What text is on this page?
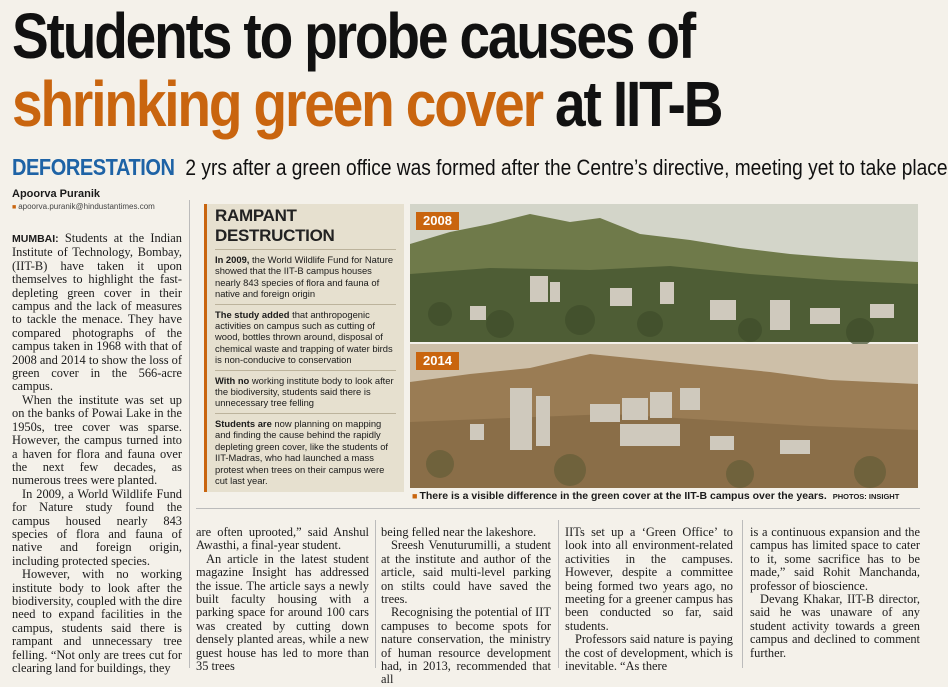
Students to probe causes of
shrinking green cover at IIT-B
DEFORESTATION 2 yrs after a green office was formed after the Centre’s directive, meeting yet to take place
Apoorva Puranik
■ apoorva.puranik@hindustantimes.com

MUMBAI: Students at the Indian Institute of Technology, Bombay, (IIT-B) have taken it upon themselves to highlight the fast-depleting green cover in their campus and the lack of measures to tackle the menace. They have compared photographs of the campus taken in 1968 with that of 2008 and 2014 to show the loss of green cover in the 566-acre campus.

When the institute was set up on the banks of Powai Lake in the 1950s, tree cover was sparse. However, the campus turned into a haven for flora and fauna over the next few decades, as numerous trees were planted.

In 2009, a World Wildlife Fund for Nature study found the campus housed nearly 843 species of flora and fauna of native and foreign origin, including protected species.

However, with no working institute body to look after the biodiversity, coupled with the dire need to expand facilities in the campus, students said there is rampant and unnecessary tree felling. “Not only are trees cut for clearing land for buildings, they

RAMPANT DESTRUCTION
In 2009, the World Wildlife Fund for Nature showed that the IIT-B campus houses nearly 843 species of flora and fauna of native and foreign origin
The study added that anthropogenic activities on campus such as cutting of wood, bottles thrown around, disposal of chemical waste and trapping of water birds is non-conducive to conservation
With no working institute body to look after the biodiversity, students said there is unnecessary tree felling
Students are now planning on mapping and finding the cause behind the rapidly depleting green cover, like the students of IIT-Madras, who had launched a mass protest when trees on their campus were cut last year.
2008
2014
■ There is a visible difference in the green cover at the IIT-B campus over the years. PHOTOS: INSIGHT

are often uprooted,” said Anshul Awasthi, a final-year student.

An article in the latest student magazine Insight has addressed the issue. The article says a newly built faculty housing with a parking space for around 100 cars was created by cutting down densely planted areas, while a new guest house has led to more than 35 trees

being felled near the lakeshore.

Sreesh Venuturumilli, a student at the institute and author of the article, said multi-level parking on stilts could have saved the trees.

Recognising the potential of IIT campuses to become spots for nature conservation, the ministry of human resource development had, in 2013, recommended that all

IITs set up a ‘Green Office’ to look into all environment-related activities in the campuses. However, despite a committee being formed two years ago, no meeting for a greener campus has been conducted so far, said students.

Professors said nature is paying the cost of development, which is inevitable. “As there

is a continuous expansion and the campus has limited space to cater to it, some sacrifice has to be made,” said Rohit Manchanda, professor of bioscience.

Devang Khakar, IIT-B director, said he was unaware of any student activity towards a green campus and declined to comment further.
